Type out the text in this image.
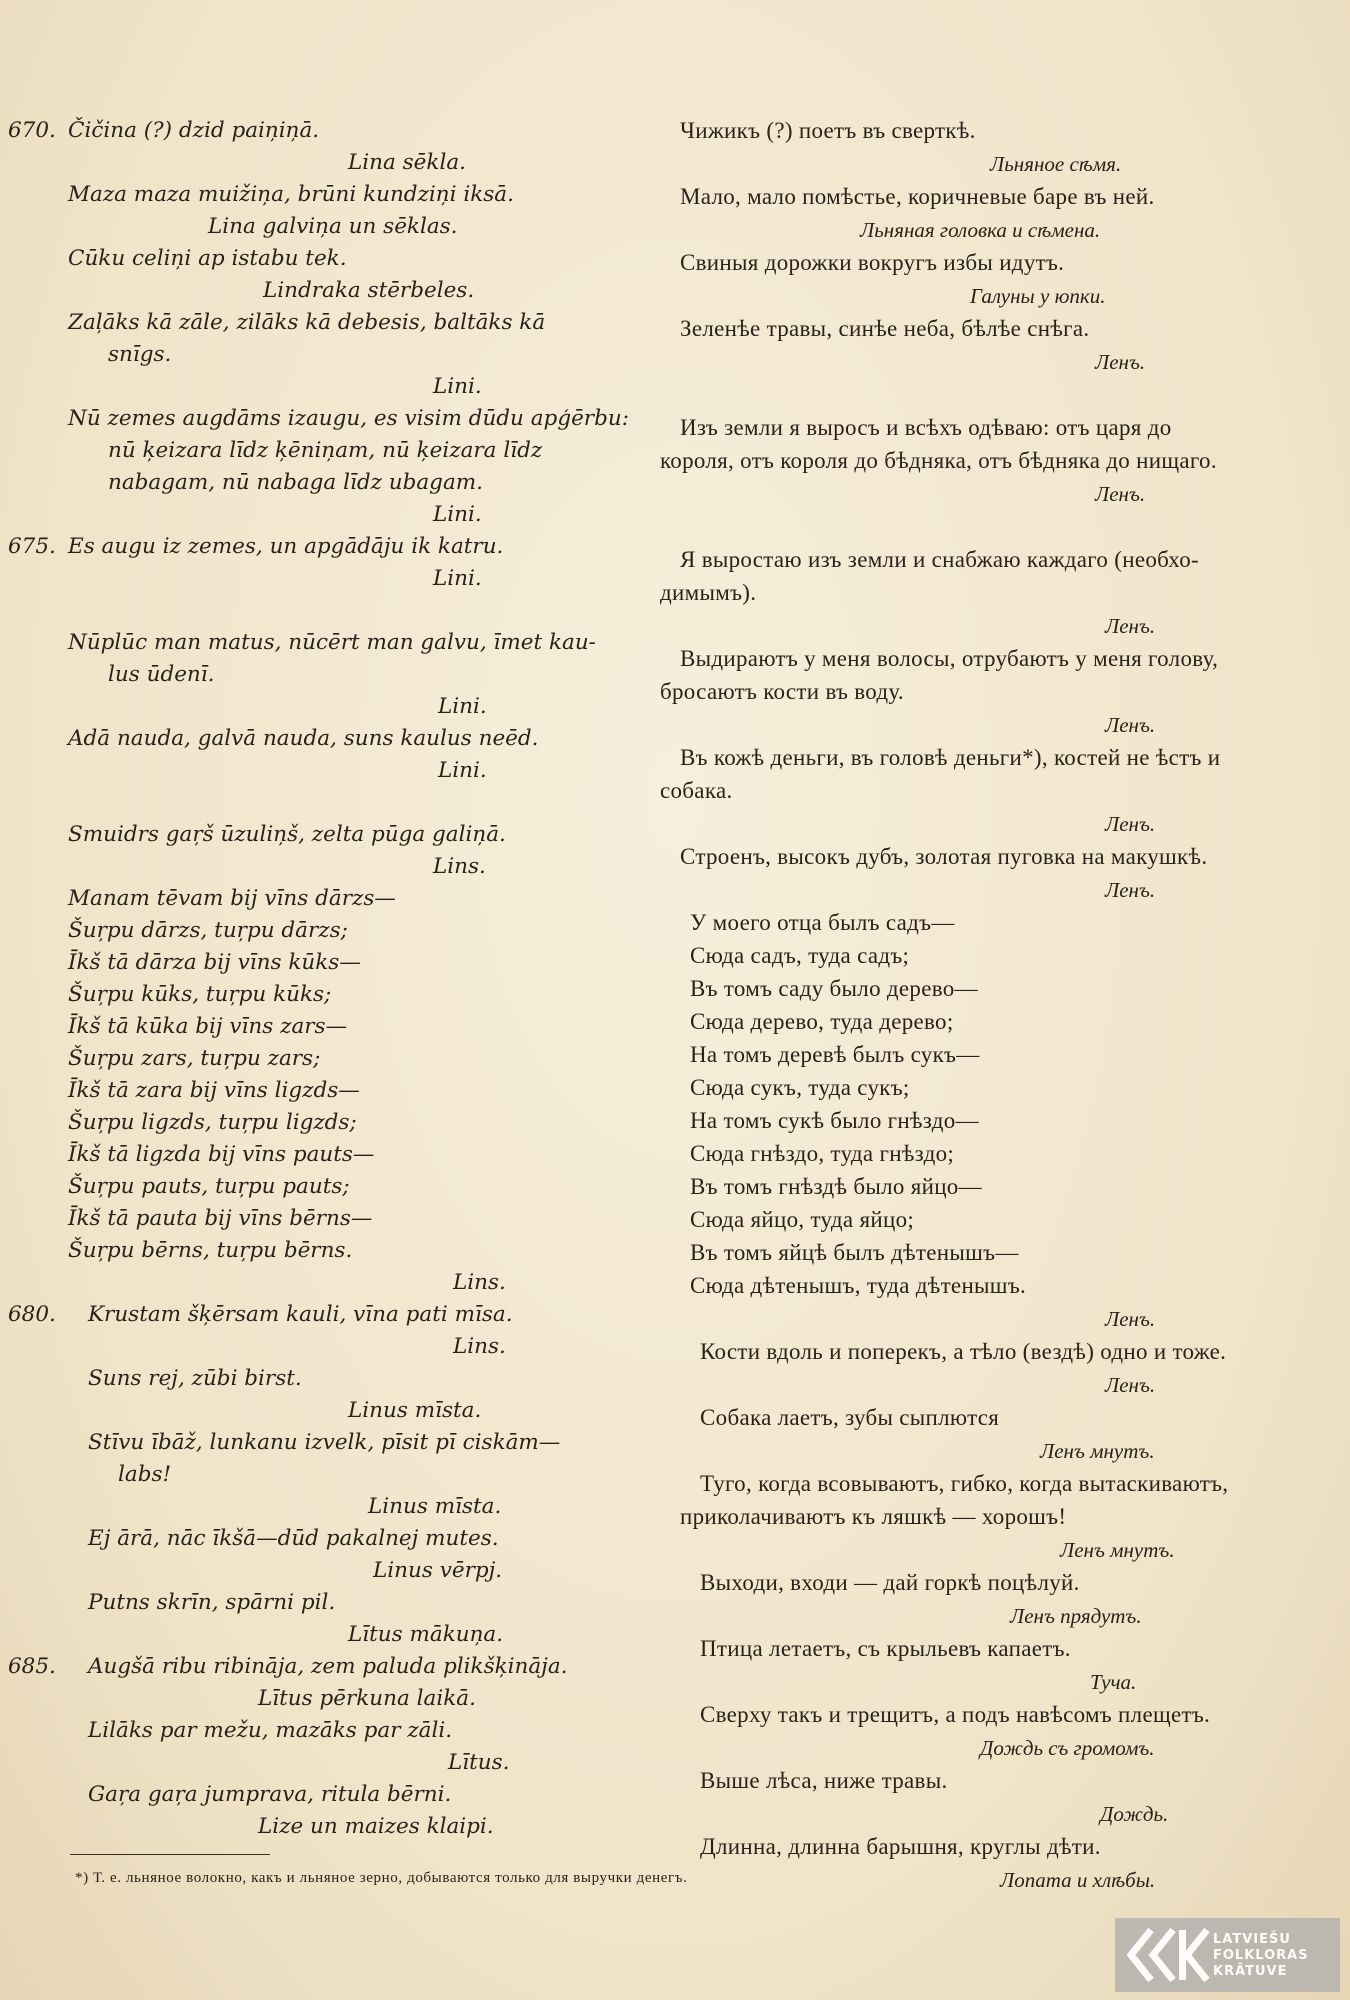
670. Čičina (?) dzid paiņiņā.
Lina sēkla.
Maza maza muižiņa, brūni kundziņi iksā.
Lina galviņa un sēklas.
Cūku celiņi ap istabu tek.
Lindraka stērbeles.
Zaļāks kā zāle, zilāks kā debesis, baltāks kā
snīgs.
Lini.
Nū zemes augdāms izaugu, es visim dūdu apģērbu:
nū ķeizara līdz ķēniņam, nū ķeizara līdz
nabagam, nū nabaga līdz ubagam.
Lini.
675. Es augu iz zemes, un apgādāju ik katru.
Lini.

Nūplūc man matus, nūcērt man galvu, īmet kau-
lus ūdenī.
Lini.
Adā nauda, galvā nauda, suns kaulus neēd.
Lini.

Smuidrs gaŗš ūzuliņš, zelta pūga galiņā.
Lins.
Manam tēvam bij vīns dārzs—
Šuŗpu dārzs, tuŗpu dārzs;
Īkš tā dārza bij vīns kūks—
Šuŗpu kūks, tuŗpu kūks;
Īkš tā kūka bij vīns zars—
Šuŗpu zars, tuŗpu zars;
Īkš tā zara bij vīns ligzds—
Šuŗpu ligzds, tuŗpu ligzds;
Īkš tā ligzda bij vīns pauts—
Šuŗpu pauts, tuŗpu pauts;
Īkš tā pauta bij vīns bērns—
Šuŗpu bērns, tuŗpu bērns.
Lins.
680. Krustam šķērsam kauli, vīna pati mīsa.
Lins.
Suns rej, zūbi birst.
Linus mīsta.
Stīvu ībāž, lunkanu izvelk, pīsit pī ciskām—
labs!
Linus mīsta.
Ej ārā, nāc īkšā—dūd pakalnej mutes.
Linus vērpj.
Putns skrīn, spārni pil.
Lītus mākuņa.
685. Augšā ribu ribināja, zem paluda plikšķināja.
Lītus pērkuna laikā.
Lilāks par mežu, mazāks par zāli.
Lītus.
Gaŗa gaŗa jumprava, ritula bērni.
Lize un maizes klaipi.
Чижикъ (?) поетъ въ сверткѣ.
Льняное сѣмя.
Мало, мало помѣстье, коричневые баре въ ней.
Льняная головка и сѣмена.
Свиныя дорожки вокругъ избы идутъ.
Галуны у юпки.
Зеленѣе травы, синѣе неба, бѣлѣе снѣга.
Ленъ.

Изъ земли я выросъ и всѣхъ одѣваю: отъ царя до
короля, отъ короля до бѣдняка, отъ бѣдняка до нищаго.
Ленъ.

Я выростаю изъ земли и снабжаю каждаго (необхо-
димымъ).
Ленъ.
Выдираютъ у меня волосы, отрубаютъ у меня голову,
бросаютъ кости въ воду.
Ленъ.
Въ кожѣ деньги, въ головѣ деньги*), костей не ѣстъ и
собака.
Ленъ.
Строенъ, высокъ дубъ, золотая пуговка на макушкѣ.
Ленъ.
У моего отца былъ садъ—
Сюда садъ, туда садъ;
Въ томъ саду было дерево—
Сюда дерево, туда дерево;
На томъ деревѣ былъ сукъ—
Сюда сукъ, туда сукъ;
На томъ сукѣ было гнѣздо—
Сюда гнѣздо, туда гнѣздо;
Въ томъ гнѣздѣ было яйцо—
Сюда яйцо, туда яйцо;
Въ томъ яйцѣ былъ дѣтенышъ—
Сюда дѣтенышъ, туда дѣтенышъ.
Ленъ.
Кости вдоль и поперекъ, а тѣло (вездѣ) одно и тоже.
Ленъ.
Собака лаетъ, зубы сыплются
Ленъ мнутъ.
Туго, когда всовываютъ, гибко, когда вытаскиваютъ,
приколачиваютъ къ ляшкѣ — хорошъ!
Ленъ мнутъ.
Выходи, входи — дай горкѣ поцѣлуй.
Ленъ прядутъ.
Птица летаетъ, съ крыльевъ капаетъ.
Туча.
Сверху такъ и трещитъ, а подъ навѣсомъ плещетъ.
Дождь съ громомъ.
Выше лѣса, ниже травы.
Дождь.
Длинна, длинна барышня, круглы дѣти.
Лопата и хлѣбы.
*) Т. е. льняное волокно, какъ и льняное зерно, добываются только для выручки денегъ.
LATVIEŠU
FOLKLORAS
KRĀTUVE
